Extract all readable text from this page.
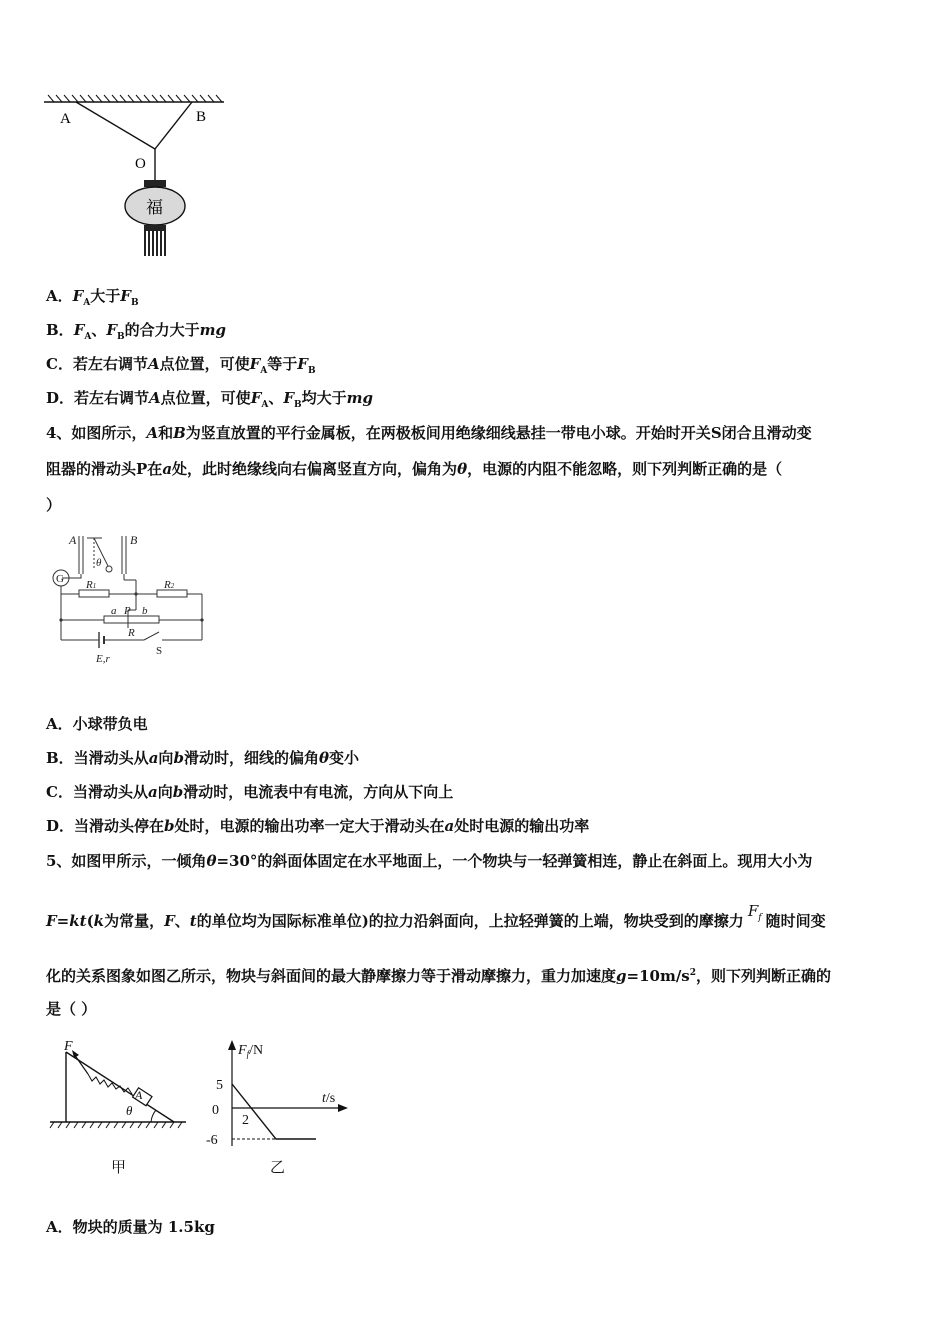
A	B
O
福
A．$F_A$大于$F_B$
B．$F_A$、$F_B$的合力大于mg
C．若左右调节A点位置，可使$F_A$等于$F_B$
D．若左右调节A点位置，可使$F_A$、$F_B$均大于mg
4、如图所示，A和B为竖直放置的平行金属板，在两极板间用绝缘细线悬挂一带电小球。开始时开关S闭合且滑动变
阻器的滑动头P在a处，此时绝缘线向右偏离竖直方向，偏角为θ，电源的内阻不能忽略，则下列判断正确的是（
）
A	B
θ
G R1	R2
a P b
R
E,r
S
A．小球带负电
B．当滑动头从a向b滑动时，细线的偏角θ变小
C．当滑动头从a向b滑动时，电流表中有电流，方向从下向上
D．当滑动头停在b处时，电源的输出功率一定大于滑动头在a处时电源的输出功率
5、如图甲所示，一倾角θ=30°的斜面体固定在水平地面上，一个物块与一轻弹簧相连，静止在斜面上。现用大小为
F=kt(k为常量，F、t的单位均为国际标准单位)的拉力沿斜面向，上拉轻弹簧的上端，物块受到的摩擦力$F_f$ 随时间变
化的关系图象如图乙所示，物块与斜面间的最大静摩擦力等于滑动摩擦力，重力加速度$g=10m/s^2$，则下列判断正确的
是（ ）
F
A
θ
甲
$F_f/N$
t/s
5
0
2
-6
乙
A．物块的质量为 1.5kg
